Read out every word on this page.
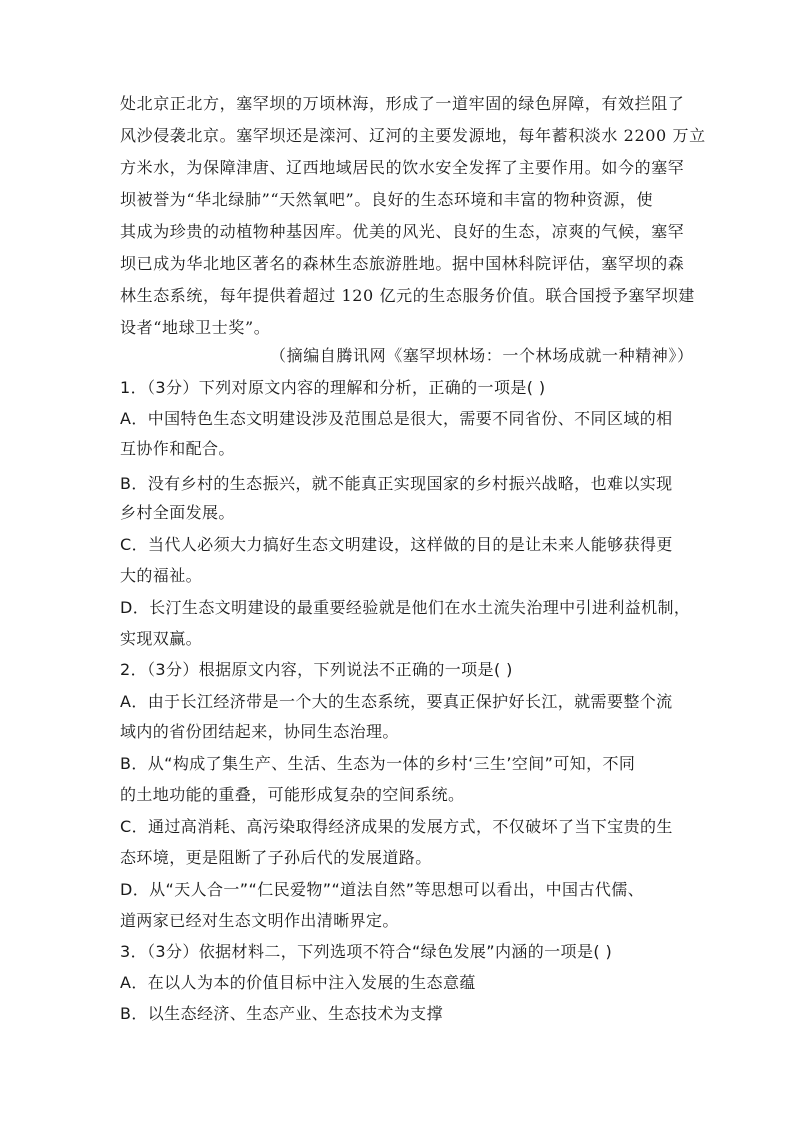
处北京正北方，塞罕坝的万顷林海，形成了一道牢固的绿色屏障，有效拦阻了
风沙侵袭北京。塞罕坝还是滦河、辽河的主要发源地，每年蓄积淡水 2200 万立
方米水，为保障津唐、辽西地域居民的饮水安全发挥了主要作用。如今的塞罕
坝被誉为“华北绿肺”“天然氧吧”。良好的生态环境和丰富的物种资源，使
其成为珍贵的动植物种基因库。优美的风光、良好的生态，凉爽的气候，塞罕
坝已成为华北地区著名的森林生态旅游胜地。据中国林科院评估，塞罕坝的森
林生态系统，每年提供着超过 120 亿元的生态服务价值。联合国授予塞罕坝建
设者“地球卫士奖”。
（摘编自腾讯网《塞罕坝林场：一个林场成就一种精神》）
1．（3分）下列对原文内容的理解和分析，正确的一项是( )
A．中国特色生态文明建设涉及范围总是很大，需要不同省份、不同区域的相
互协作和配合。
B．没有乡村的生态振兴，就不能真正实现国家的乡村振兴战略，也难以实现
乡村全面发展。
C．当代人必须大力搞好生态文明建设，这样做的目的是让未来人能够获得更
大的福祉。
D．长汀生态文明建设的最重要经验就是他们在水土流失治理中引进利益机制，
实现双赢。
2．（3分）根据原文内容，下列说法不正确的一项是( )
A．由于长江经济带是一个大的生态系统，要真正保护好长江，就需要整个流
域内的省份团结起来，协同生态治理。
B．从“构成了集生产、生活、生态为一体的乡村‘三生’空间”可知，不同
的土地功能的重叠，可能形成复杂的空间系统。
C．通过高消耗、高污染取得经济成果的发展方式，不仅破坏了当下宝贵的生
态环境，更是阻断了子孙后代的发展道路。
D．从“天人合一”“仁民爱物”“道法自然”等思想可以看出，中国古代儒、
道两家已经对生态文明作出清晰界定。
3．（3分）依据材料二，下列选项不符合“绿色发展”内涵的一项是( )
A．在以人为本的价值目标中注入发展的生态意蕴
B．以生态经济、生态产业、生态技术为支撑
